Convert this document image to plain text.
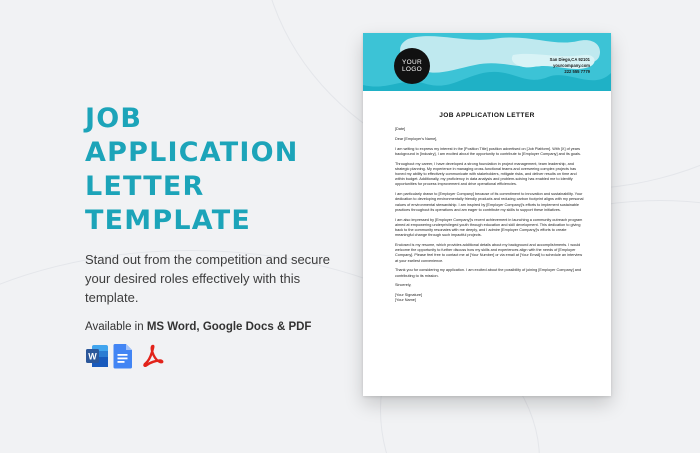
JOB
APPLICATION
LETTER
TEMPLATE
Stand out from the competition and secure your desired roles effectively with this template.
Available in MS Word, Google Docs & PDF
W
YOUR
LOGO
San Diego,CA 92101
yourcompany.com
222 555 7779
JOB APPLICATION LETTER

[Date]

Dear [Employer's Name],

I am writing to express my interest in the [Position Title] position advertised on [Job Platform]. With [X] of years background in [Industry], I am excited about the opportunity to contribute to [Employer Company] and its goals.

Throughout my career, I have developed a strong foundation in project management, team leadership, and strategic planning. My experience in managing cross-functional teams and overseeing complex projects has honed my ability to effectively communicate with stakeholders, mitigate risks, and deliver results on time and within budget. Additionally, my proficiency in data analysis and problem-solving has enabled me to identify opportunities for process improvement and drive operational efficiencies.

I am particularly drawn to [Employer Company] because of its commitment to innovation and sustainability. Your dedication to developing environmentally friendly products and reducing carbon footprint aligns with my personal values of environmental stewardship. I am inspired by [Employer Company]'s efforts to implement sustainable practices throughout its operations and am eager to contribute my skills to support these initiatives.

I am also impressed by [Employer Company]'s recent achievement in launching a community outreach program aimed at empowering underprivileged youth through education and skill development. This dedication to giving back to the community resonates with me deeply, and I admire [Employer Company]'s efforts to create meaningful change through such impactful projects.

Enclosed is my resume, which provides additional details about my background and accomplishments. I would welcome the opportunity to further discuss how my skills and experiences align with the needs of [Employer Company]. Please feel free to contact me at [Your Number] or via email at [Your Email] to schedule an interview at your earliest convenience.

Thank you for considering my application. I am excited about the possibility of joining [Employer Company] and contributing to its mission.

Sincerely,

[Your Signature]
[Your Name]
